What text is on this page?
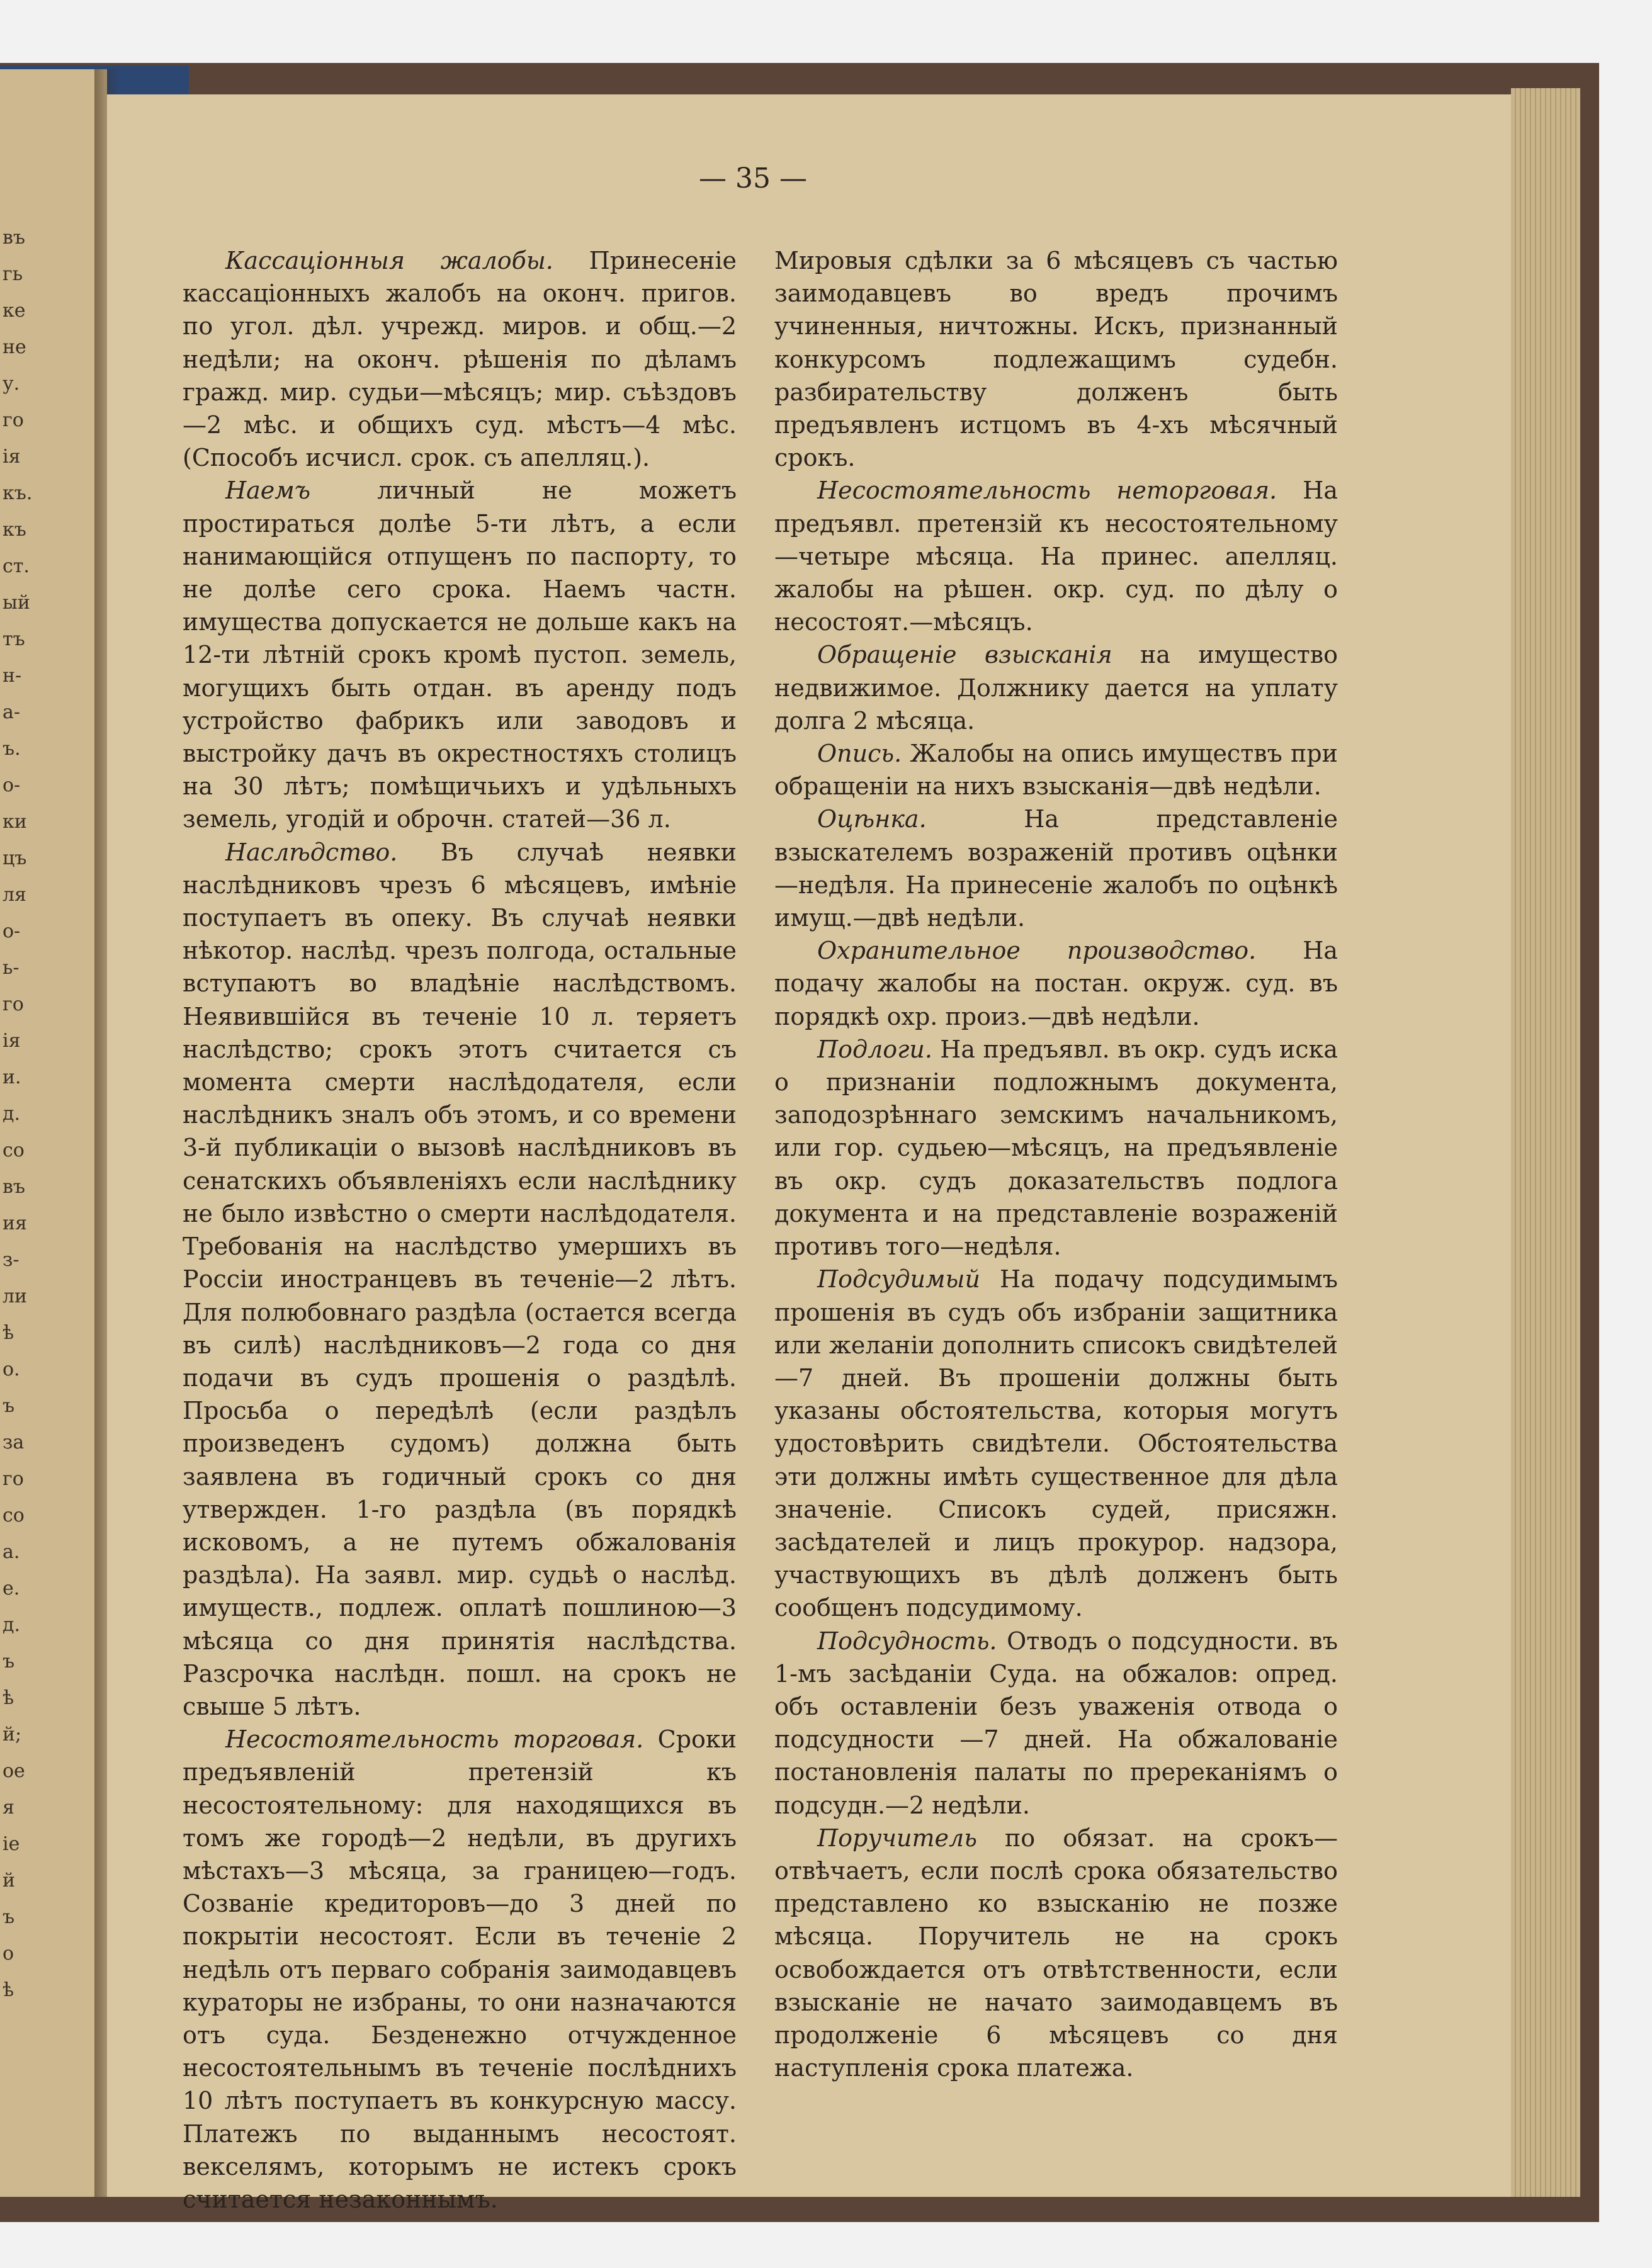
въ
гь
ке
не
у.
го
ія
къ.
къ
ст.
ый
тъ
н-
а-
ъ.
о-
ки
цъ
ля
о-
ь-
го
ія
и.
д.
со
въ
ия
з-
ли
ѣ
о.
ъ
за
го
со
а.
е.
д.
ъ
ѣ
й;
ое
я
іе
й
ъ
о
ѣ
— 35 —

Кассаціонныя жалобы. Принесеніе кассаціонныхъ жалобъ на оконч. пригов. по угол. дѣл. учрежд. миров. и общ.—2 недѣли; на оконч. рѣшенія по дѣламъ гражд. мир. судьи—мѣсяцъ; мир. съѣздовъ —2 мѣс. и общихъ суд. мѣстъ—4 мѣс. (Способъ исчисл. срок. съ апелляц.).

Наемъ	личный не можетъ простираться долѣе 5-ти лѣтъ, а если нанимающійся отпущенъ по паспорту, то не долѣе сего срока. Наемъ частн. имущества допускается не дольше какъ на 12-ти лѣтній срокъ кромѣ пустоп. земель, могущихъ быть отдан. въ аренду подъ устройство фабрикъ или заводовъ и выстройку дачъ въ окрестностяхъ столицъ на 30 лѣтъ; помѣщичьихъ и удѣльныхъ земель, угодій и оброчн. статей—36 л.

Наслѣдство. Въ случаѣ неявки наслѣдниковъ чрезъ 6 мѣсяцевъ, имѣніе поступаетъ въ опеку. Въ случаѣ неявки нѣкотор. наслѣд. чрезъ полгода, остальные вступаютъ во владѣніе наслѣдствомъ. Неявившійся въ теченіе 10 л. теряетъ наслѣдство; срокъ этотъ считается съ момента смерти наслѣдодателя, если наслѣдникъ зналъ объ этомъ, и со времени 3-й публикаціи о вызовѣ наслѣдниковъ въ сенатскихъ объявленіяхъ если наслѣднику не было извѣстно о смерти наслѣдодателя. Требованія на наслѣдство умершихъ въ Россіи иностранцевъ въ теченіе—2 лѣтъ. Для полюбовнаго раздѣла (остается всегда въ силѣ) наслѣдниковъ—2 года со дня подачи въ судъ прошенія о раздѣлѣ. Просьба о передѣлѣ (если раздѣлъ произведенъ судомъ) должна быть заявлена въ годичный срокъ со дня утвержден. 1-го раздѣла (въ порядкѣ исковомъ, а не путемъ обжалованія раздѣла). На заявл. мир. судьѣ о наслѣд. имуществ., подлеж. оплатѣ пошлиною—3 мѣсяца со дня принятія наслѣдства. Разсрочка наслѣдн. пошл. на срокъ не свыше 5 лѣтъ.

Несостоятельность торговая. Сроки предъявленій претензій къ несостоятельному: для находящихся въ томъ же городѣ—2 недѣли, въ другихъ мѣстахъ—3 мѣсяца, за границею—годъ. Созваніе кредиторовъ—до 3 дней по покрытіи несостоят. Если въ теченіе 2 недѣль отъ перваго собранія заимодавцевъ кураторы не избраны, то они назначаются отъ суда. Безденежно отчужденное несостоятельнымъ въ теченіе послѣднихъ 10 лѣтъ поступаетъ въ конкурсную массу. Платежъ по выданнымъ несостоят. векселямъ, которымъ не истекъ срокъ считается незаконнымъ.

Мировыя сдѣлки за 6 мѣсяцевъ съ частью заимодавцевъ во вредъ прочимъ учиненныя, ничтожны. Искъ, признанный конкурсомъ подлежащимъ судебн. разбирательству долженъ быть предъявленъ истцомъ въ 4-хъ мѣсячный срокъ.

Несостоятельность неторговая. На предъявл. претензій къ несостоятельному —четыре мѣсяца. На принес. апелляц. жалобы на рѣшен. окр. суд. по дѣлу о несостоят.—мѣсяцъ.

Обращеніе взысканія на имущество недвижимое. Должнику дается на уплату долга 2 мѣсяца.

Опись. Жалобы на опись имуществъ при обращеніи на нихъ взысканія—двѣ недѣли.

Оцѣнка.	На представленіе взыскателемъ возраженій противъ оцѣнки—недѣля. На принесеніе жалобъ по оцѣнкѣ имущ.—двѣ недѣли.

Охранительное производство. На подачу жалобы на постан. окруж. суд. въ порядкѣ охр. произ.—двѣ недѣли.

Подлоги. На предъявл. въ окр. судъ иска о признаніи подложнымъ документа, заподозрѣннаго земскимъ начальникомъ, или гор. судьею—мѣсяцъ, на предъявленіе въ окр. судъ доказательствъ подлога документа и на представленіе возраженій противъ того—недѣля.

Подсудимый На подачу подсудимымъ прошенія въ судъ объ избраніи защитника или желаніи дополнить списокъ свидѣтелей—7 дней. Въ прошеніи должны быть указаны обстоятельства, которыя могутъ удостовѣрить свидѣтели. Обстоятельства эти должны имѣть существенное для дѣла значеніе. Списокъ судей, присяжн. засѣдателей и лицъ прокурор. надзора, участвующихъ въ дѣлѣ долженъ быть сообщенъ подсудимому.

Подсудность. Отводъ о подсудности. въ 1-мъ засѣданіи Суда. на обжалов: опред. объ оставленіи безъ уваженія отвода о подсудности —7 дней. На обжалованіе постановленія палаты по пререканіямъ о подсудн.—2 недѣли.

Поручитель по обязат. на срокъ—отвѣчаетъ, если послѣ срока обязательство представлено ко взысканію не позже мѣсяца. Поручитель не на срокъ освобождается отъ отвѣтственности, если взысканіе не начато заимодавцемъ въ продолженіе 6 мѣсяцевъ со дня наступленія срока платежа.
